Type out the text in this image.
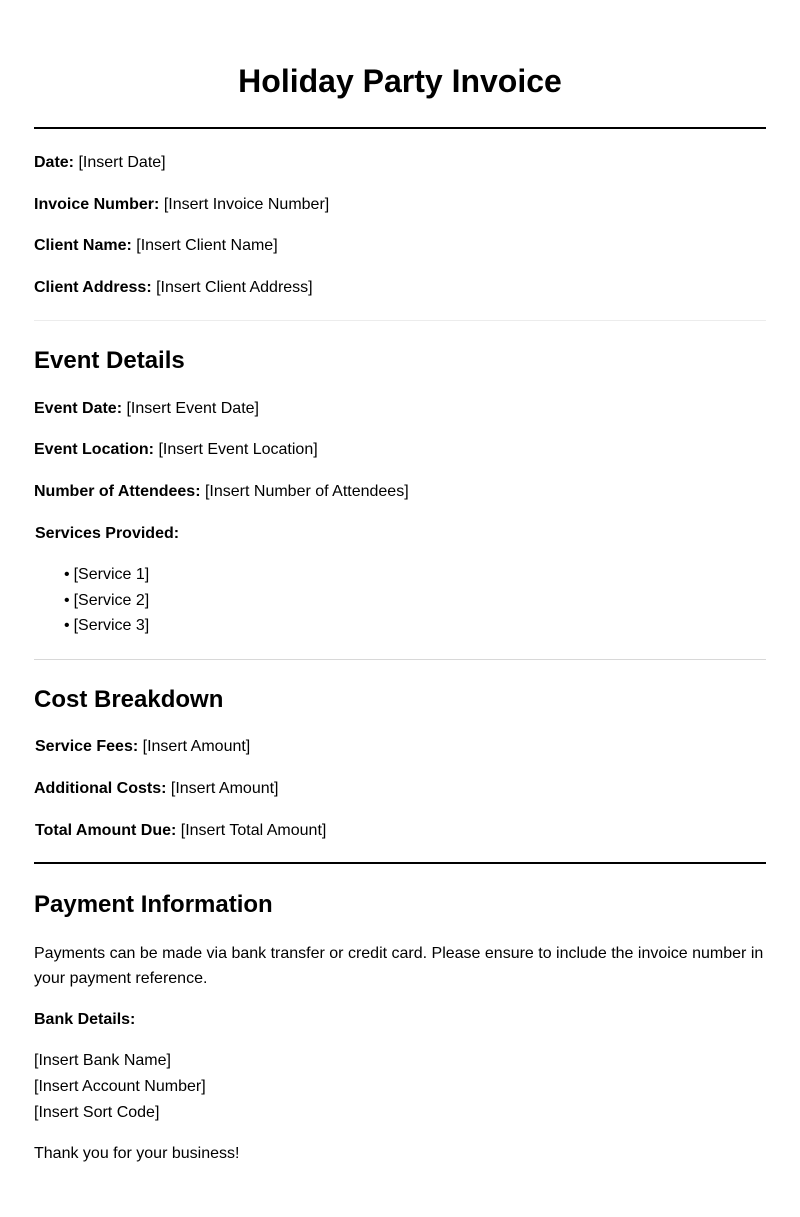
Holiday Party Invoice
Date: [Insert Date]
Invoice Number: [Insert Invoice Number]
Client Name: [Insert Client Name]
Client Address: [Insert Client Address]
Event Details
Event Date: [Insert Event Date]
Event Location: [Insert Event Location]
Number of Attendees: [Insert Number of Attendees]
Services Provided:
• [Service 1]
• [Service 2]
• [Service 3]
Cost Breakdown
Service Fees: [Insert Amount]
Additional Costs: [Insert Amount]
Total Amount Due: [Insert Total Amount]
Payment Information

Payments can be made via bank transfer or credit card. Please ensure to include the invoice number in your payment reference.

Bank Details:
[Insert Bank Name]
[Insert Account Number]
[Insert Sort Code]
Thank you for your business!
